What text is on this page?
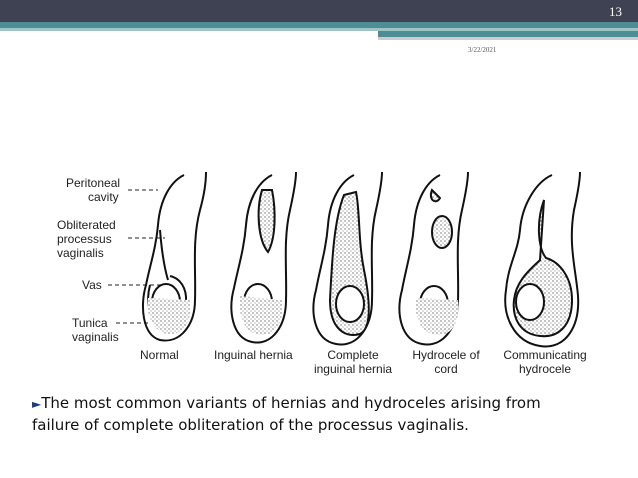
13
3/22/2021
Peritoneal
cavity
Obliterated
processus
vaginalis
Vas
Tunica
vaginalis
Normal	Inguinal hernia	Complete
inguinal hernia
Hydrocele of
cord
Communicating
hydrocele
►The most common variants of hernias and hydroceles arising from failure of complete obliteration of the processus vaginalis.
